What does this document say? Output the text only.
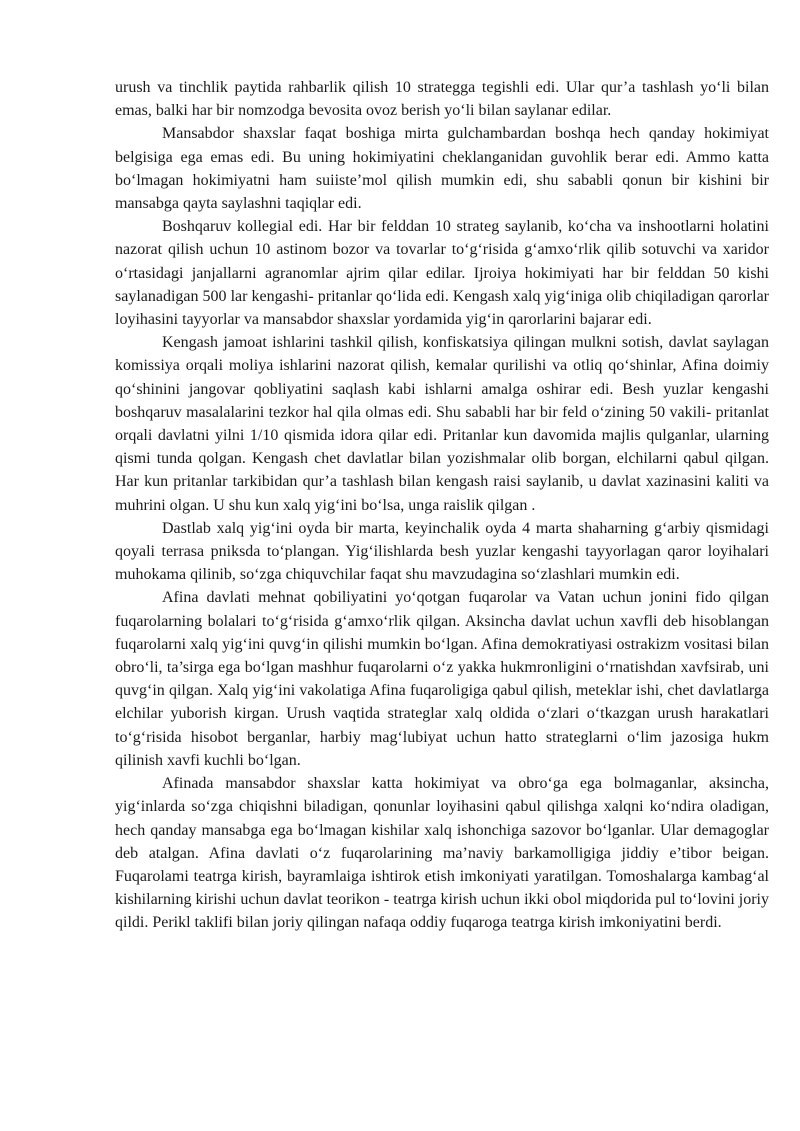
urush va tinchlik paytida rahbarlik qilish 10 strategga tegishli edi. Ular qur’a tashlash yo‘li bilan emas, balki har bir nomzodga bevosita ovoz berish yo‘li bilan saylanar edilar.

Mansabdor shaxslar faqat boshiga mirta gulchambardan boshqa hech qanday hokimiyat belgisiga ega emas edi. Bu uning hokimiyatini cheklanganidan guvohlik berar edi. Ammo katta bo‘lmagan hokimiyatni ham suiiste’mol qilish mumkin edi, shu sababli qonun bir kishini bir mansabga qayta saylashni taqiqlar edi.

Boshqaruv kollegial edi. Har bir felddan 10 strateg saylanib, ko‘cha va inshootlarni holatini nazorat qilish uchun 10 astinom bozor va tovarlar to‘g‘risida g‘amxo‘rlik qilib sotuvchi va xaridor o‘rtasidagi janjallarni agranomlar ajrim qilar edilar. Ijroiya hokimiyati har bir felddan 50 kishi saylanadigan 500 lar kengashi- pritanlar qo‘lida edi. Kengash xalq yig‘iniga olib chiqiladigan qarorlar loyihasini tayyorlar va mansabdor shaxslar yordamida yig‘in qarorlarini bajarar edi.

Kengash jamoat ishlarini tashkil qilish, konfiskatsiya qilingan mulkni sotish, davlat saylagan komissiya orqali moliya ishlarini nazorat qilish, kemalar qurilishi va otliq qo‘shinlar, Afina doimiy qo‘shinini jangovar qobliyatini saqlash kabi ishlarni amalga oshirar edi. Besh yuzlar kengashi boshqaruv masalalarini tezkor hal qila olmas edi. Shu sababli har bir feld o‘zining 50 vakili- pritanlat orqali davlatni yilni 1/10 qismida idora qilar edi. Pritanlar kun davomida majlis qulganlar, ularning qismi tunda qolgan. Kengash chet davlatlar bilan yozishmalar olib borgan, elchilarni qabul qilgan. Har kun pritanlar tarkibidan qur’a tashlash bilan kengash raisi saylanib, u davlat xazinasini kaliti va muhrini olgan. U shu kun xalq yig‘ini bo‘lsa, unga raislik qilgan .

Dastlab xalq yig‘ini oyda bir marta, keyinchalik oyda 4 marta shaharning g‘arbiy qismidagi qoyali terrasa pniksda to‘plangan. Yig‘ilishlarda besh yuzlar kengashi tayyorlagan qaror loyihalari muhokama qilinib, so‘zga chiquvchilar faqat shu mavzudagina so‘zlashlari mumkin edi.

Afina davlati mehnat qobiliyatini yo‘qotgan fuqarolar va Vatan uchun jonini fido qilgan fuqarolarning bolalari to‘g‘risida g‘amxo‘rlik qilgan. Aksincha davlat uchun xavfli deb hisoblangan fuqarolarni xalq yig‘ini quvg‘in qilishi mumkin bo‘lgan. Afina demokratiyasi ostrakizm vositasi bilan obro‘li, ta’sirga ega bo‘lgan mashhur fuqarolarni o‘z yakka hukmronligini o‘rnatishdan xavfsirab, uni quvg‘in qilgan. Xalq yig‘ini vakolatiga Afina fuqaroligiga qabul qilish, meteklar ishi, chet davlatlarga elchilar yuborish kirgan. Urush vaqtida strateglar xalq oldida o‘zlari o‘tkazgan urush harakatlari to‘g‘risida hisobot berganlar, harbiy mag‘lubiyat uchun hatto strateglarni o‘lim jazosiga hukm qilinish xavfi kuchli bo‘lgan.

Afinada mansabdor shaxslar katta hokimiyat va obro‘ga ega bolmaganlar, aksincha, yig‘inlarda so‘zga chiqishni biladigan, qonunlar loyihasini qabul qilishga xalqni ko‘ndira oladigan, hech qanday mansabga ega bo‘lmagan kishilar xalq ishonchiga sazovor bo‘lganlar. Ular demagoglar deb atalgan. Afina davlati o‘z fuqarolarining ma’naviy barkamolligiga jiddiy e’tibor beigan. Fuqarolami teatrga kirish, bayramlaiga ishtirok etish imkoniyati yaratilgan. Tomoshalarga kambag‘al kishilarning kirishi uchun davlat teorikon - teatrga kirish uchun ikki obol miqdorida pul to‘lovini joriy qildi. Perikl taklifi bilan joriy qilingan nafaqa oddiy fuqaroga teatrga kirish imkoniyatini berdi.
